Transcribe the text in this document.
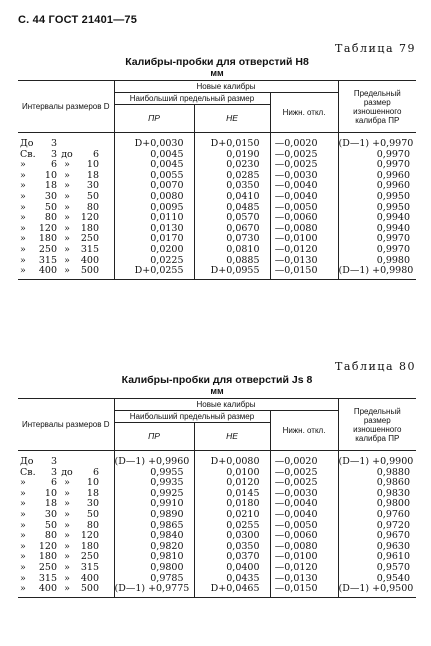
С. 44 ГОСТ 21401—75
Таблица 79
Калибры-пробки для отверстий H8
мм
Интервалы размеров D	Новые калибры			Предельный размер изношенного калибра ПР
	Наибольший предельный размер		Нижн. откл.	
	ПР	НЕ		
До 3	D+0,0030	D+0,0150	—0,0020	(D—1) +0,9970
Св. 3 до 6	0,0045	0,0190	—0,0025	0,9970
» 6 » 10	0,0045	0,0230	—0,0025	0,9970
» 10 » 18	0,0055	0,0285	—0,0030	0,9960
» 18 » 30	0,0070	0,0350	—0,0040	0,9960
» 30 » 50	0,0080	0,0410	—0,0040	0,9950
» 50 » 80	0,0095	0,0485	—0,0050	0,9950
» 80 » 120	0,0110	0,0570	—0,0060	0,9940
» 120 » 180	0,0130	0,0670	—0,0080	0,9940
» 180 » 250	0,0170	0,0730	—0,0100	0,9970
» 250 » 315	0,0200	0,0810	—0,0120	0,9970
» 315 » 400	0,0225	0,0885	—0,0130	0,9980
» 400 » 500	D+0,0255	D+0,0955	—0,0150	(D—1) +0,9980
Таблица 80
Калибры-пробки для отверстий Js 8
мм
Интервалы размеров D	Новые калибры			Предельный размер изношенного калибра ПР
	Наибольший предельный размер		Нижн. откл.	
	ПР	НЕ		
До 3	(D—1) +0,9960	D+0,0080	—0,0020	(D—1) +0,9900
Св. 3 до 6	0,9955	0,0100	—0,0025	0,9880
» 6 » 10	0,9935	0,0120	—0,0025	0,9860
» 10 » 18	0,9925	0,0145	—0,0030	0,9830
» 18 » 30	0,9910	0,0180	—0,0040	0,9800
» 30 » 50	0,9890	0,0210	—0,0040	0,9760
» 50 » 80	0,9865	0,0255	—0,0050	0,9720
» 80 » 120	0,9840	0,0300	—0,0060	0,9670
» 120 » 180	0,9820	0,0350	—0,0080	0,9630
» 180 » 250	0,9810	0,0370	—0,0100	0,9610
» 250 » 315	0,9800	0,0400	—0,0120	0,9570
» 315 » 400	0,9785	0,0435	—0,0130	0,9540
» 400 » 500	(D—1) +0,9775	D+0,0465	—0,0150	(D—1) +0,9500
